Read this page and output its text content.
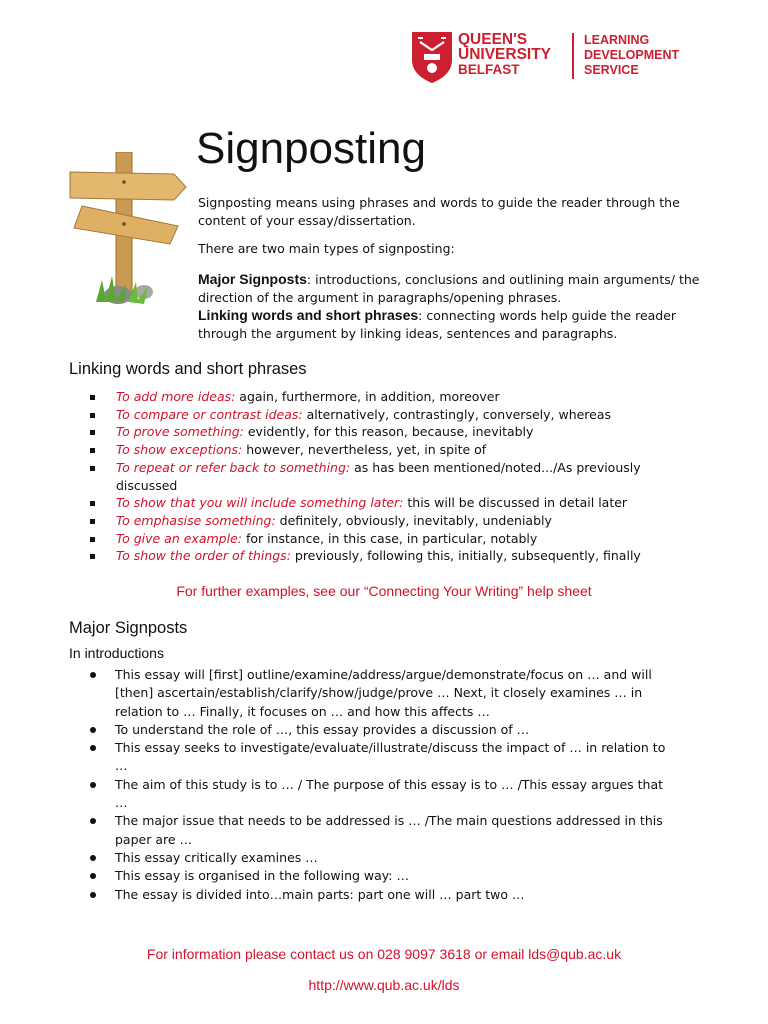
QUEEN'S
UNIVERSITY
BELFAST
LEARNING
DEVELOPMENT
SERVICE
Signposting

Signposting means using phrases and words to guide the reader through the content of your essay/dissertation.

There are two main types of signposting:

Major Signposts: introductions, conclusions and outlining main arguments/ the direction of the argument in paragraphs/opening phrases.

Linking words and short phrases: connecting words help guide the reader through the argument by linking ideas, sentences and paragraphs.

Linking words and short phrases
To add more ideas: again, furthermore, in addition, moreover
To compare or contrast ideas: alternatively, contrastingly, conversely, whereas
To prove something: evidently, for this reason, because, inevitably
To show exceptions: however, nevertheless, yet, in spite of
To repeat or refer back to something: as has been mentioned/noted.../As previously discussed
To show that you will include something later: this will be discussed in detail later
To emphasise something: definitely, obviously, inevitably, undeniably
To give an example: for instance, in this case, in particular, notably
To show the order of things: previously, following this, initially, subsequently, finally
For further examples, see our “Connecting Your Writing” help sheet
Major Signposts
In introductions
This essay will [first] outline/examine/address/argue/demonstrate/focus on … and will [then] ascertain/establish/clarify/show/judge/prove … Next, it closely examines … in relation to … Finally, it focuses on … and how this affects …
To understand the role of …, this essay provides a discussion of …
This essay seeks to investigate/evaluate/illustrate/discuss the impact of … in relation to …
The aim of this study is to … / The purpose of this essay is to … /This essay argues that …
The major issue that needs to be addressed is … /The main questions addressed in this paper are …
This essay critically examines …
This essay is organised in the following way: …
The essay is divided into…main parts: part one will … part two …
For information please contact us on 028 9097 3618 or email lds@qub.ac.uk
http://www.qub.ac.uk/lds
